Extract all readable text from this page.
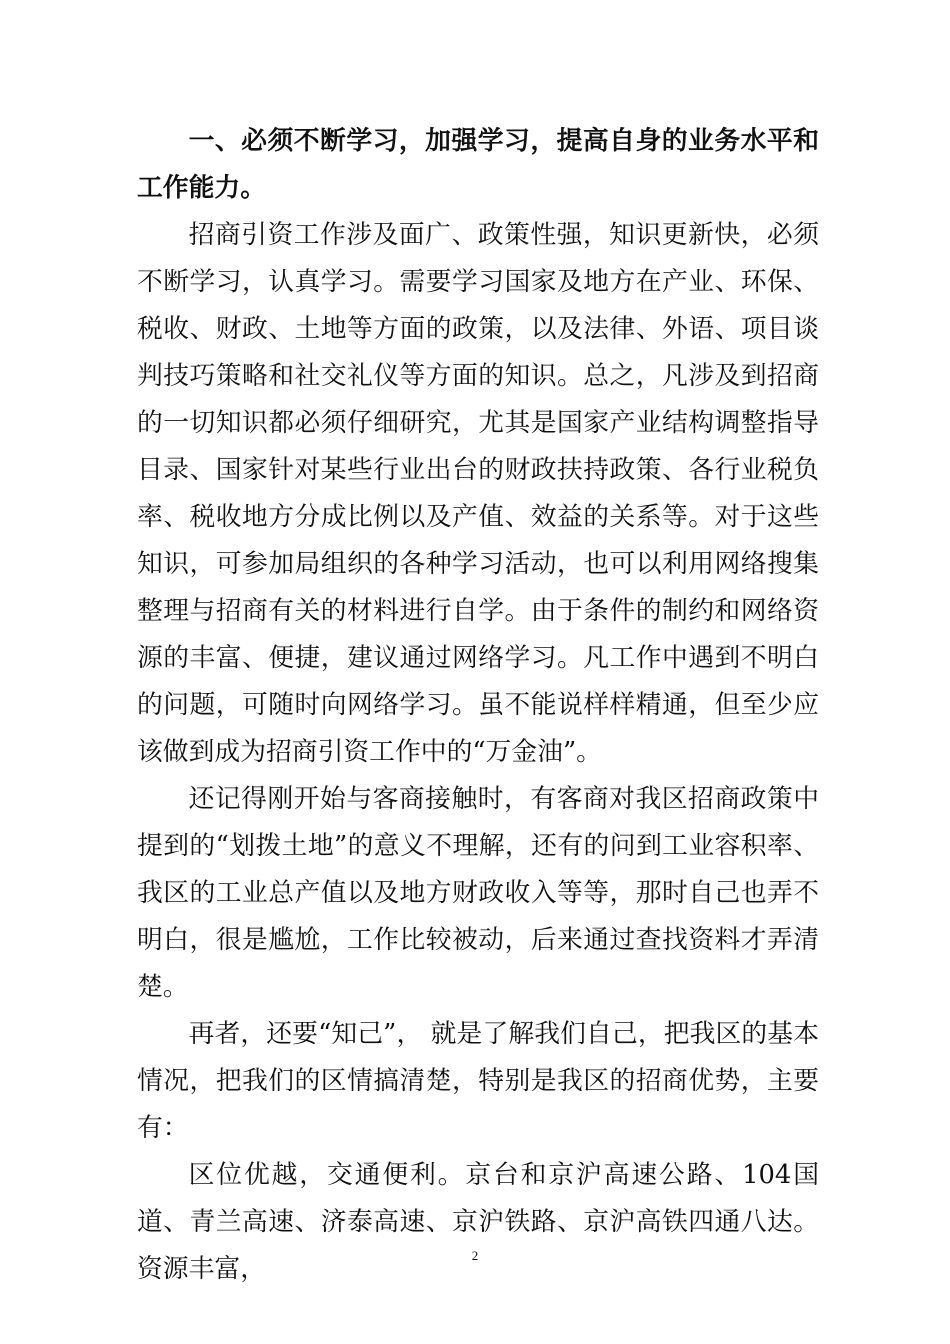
一、必须不断学习，加强学习，提高自身的业务水平和工作能力。

招商引资工作涉及面广、政策性强，知识更新快，必须不断学习，认真学习。需要学习国家及地方在产业、环保、税收、财政、土地等方面的政策，以及法律、外语、项目谈判技巧策略和社交礼仪等方面的知识。总之，凡涉及到招商的一切知识都必须仔细研究，尤其是国家产业结构调整指导目录、国家针对某些行业出台的财政扶持政策、各行业税负率、税收地方分成比例以及产值、效益的关系等。对于这些知识，可参加局组织的各种学习活动，也可以利用网络搜集整理与招商有关的材料进行自学。由于条件的制约和网络资源的丰富、便捷，建议通过网络学习。凡工作中遇到不明白的问题，可随时向网络学习。虽不能说样样精通，但至少应该做到成为招商引资工作中的“万金油”。

还记得刚开始与客商接触时，有客商对我区招商政策中提到的“划拨土地”的意义不理解，还有的问到工业容积率、我区的工业总产值以及地方财政收入等等，那时自己也弄不明白，很是尴尬，工作比较被动，后来通过查找资料才弄清楚。

再者，还要“知己”， 就是了解我们自己，把我区的基本情况，把我们的区情搞清楚，特别是我区的招商优势，主要有：

区位优越，交通便利。京台和京沪高速公路、104国道、青兰高速、济泰高速、京沪铁路、京沪高铁四通八达。资源丰富，	2
